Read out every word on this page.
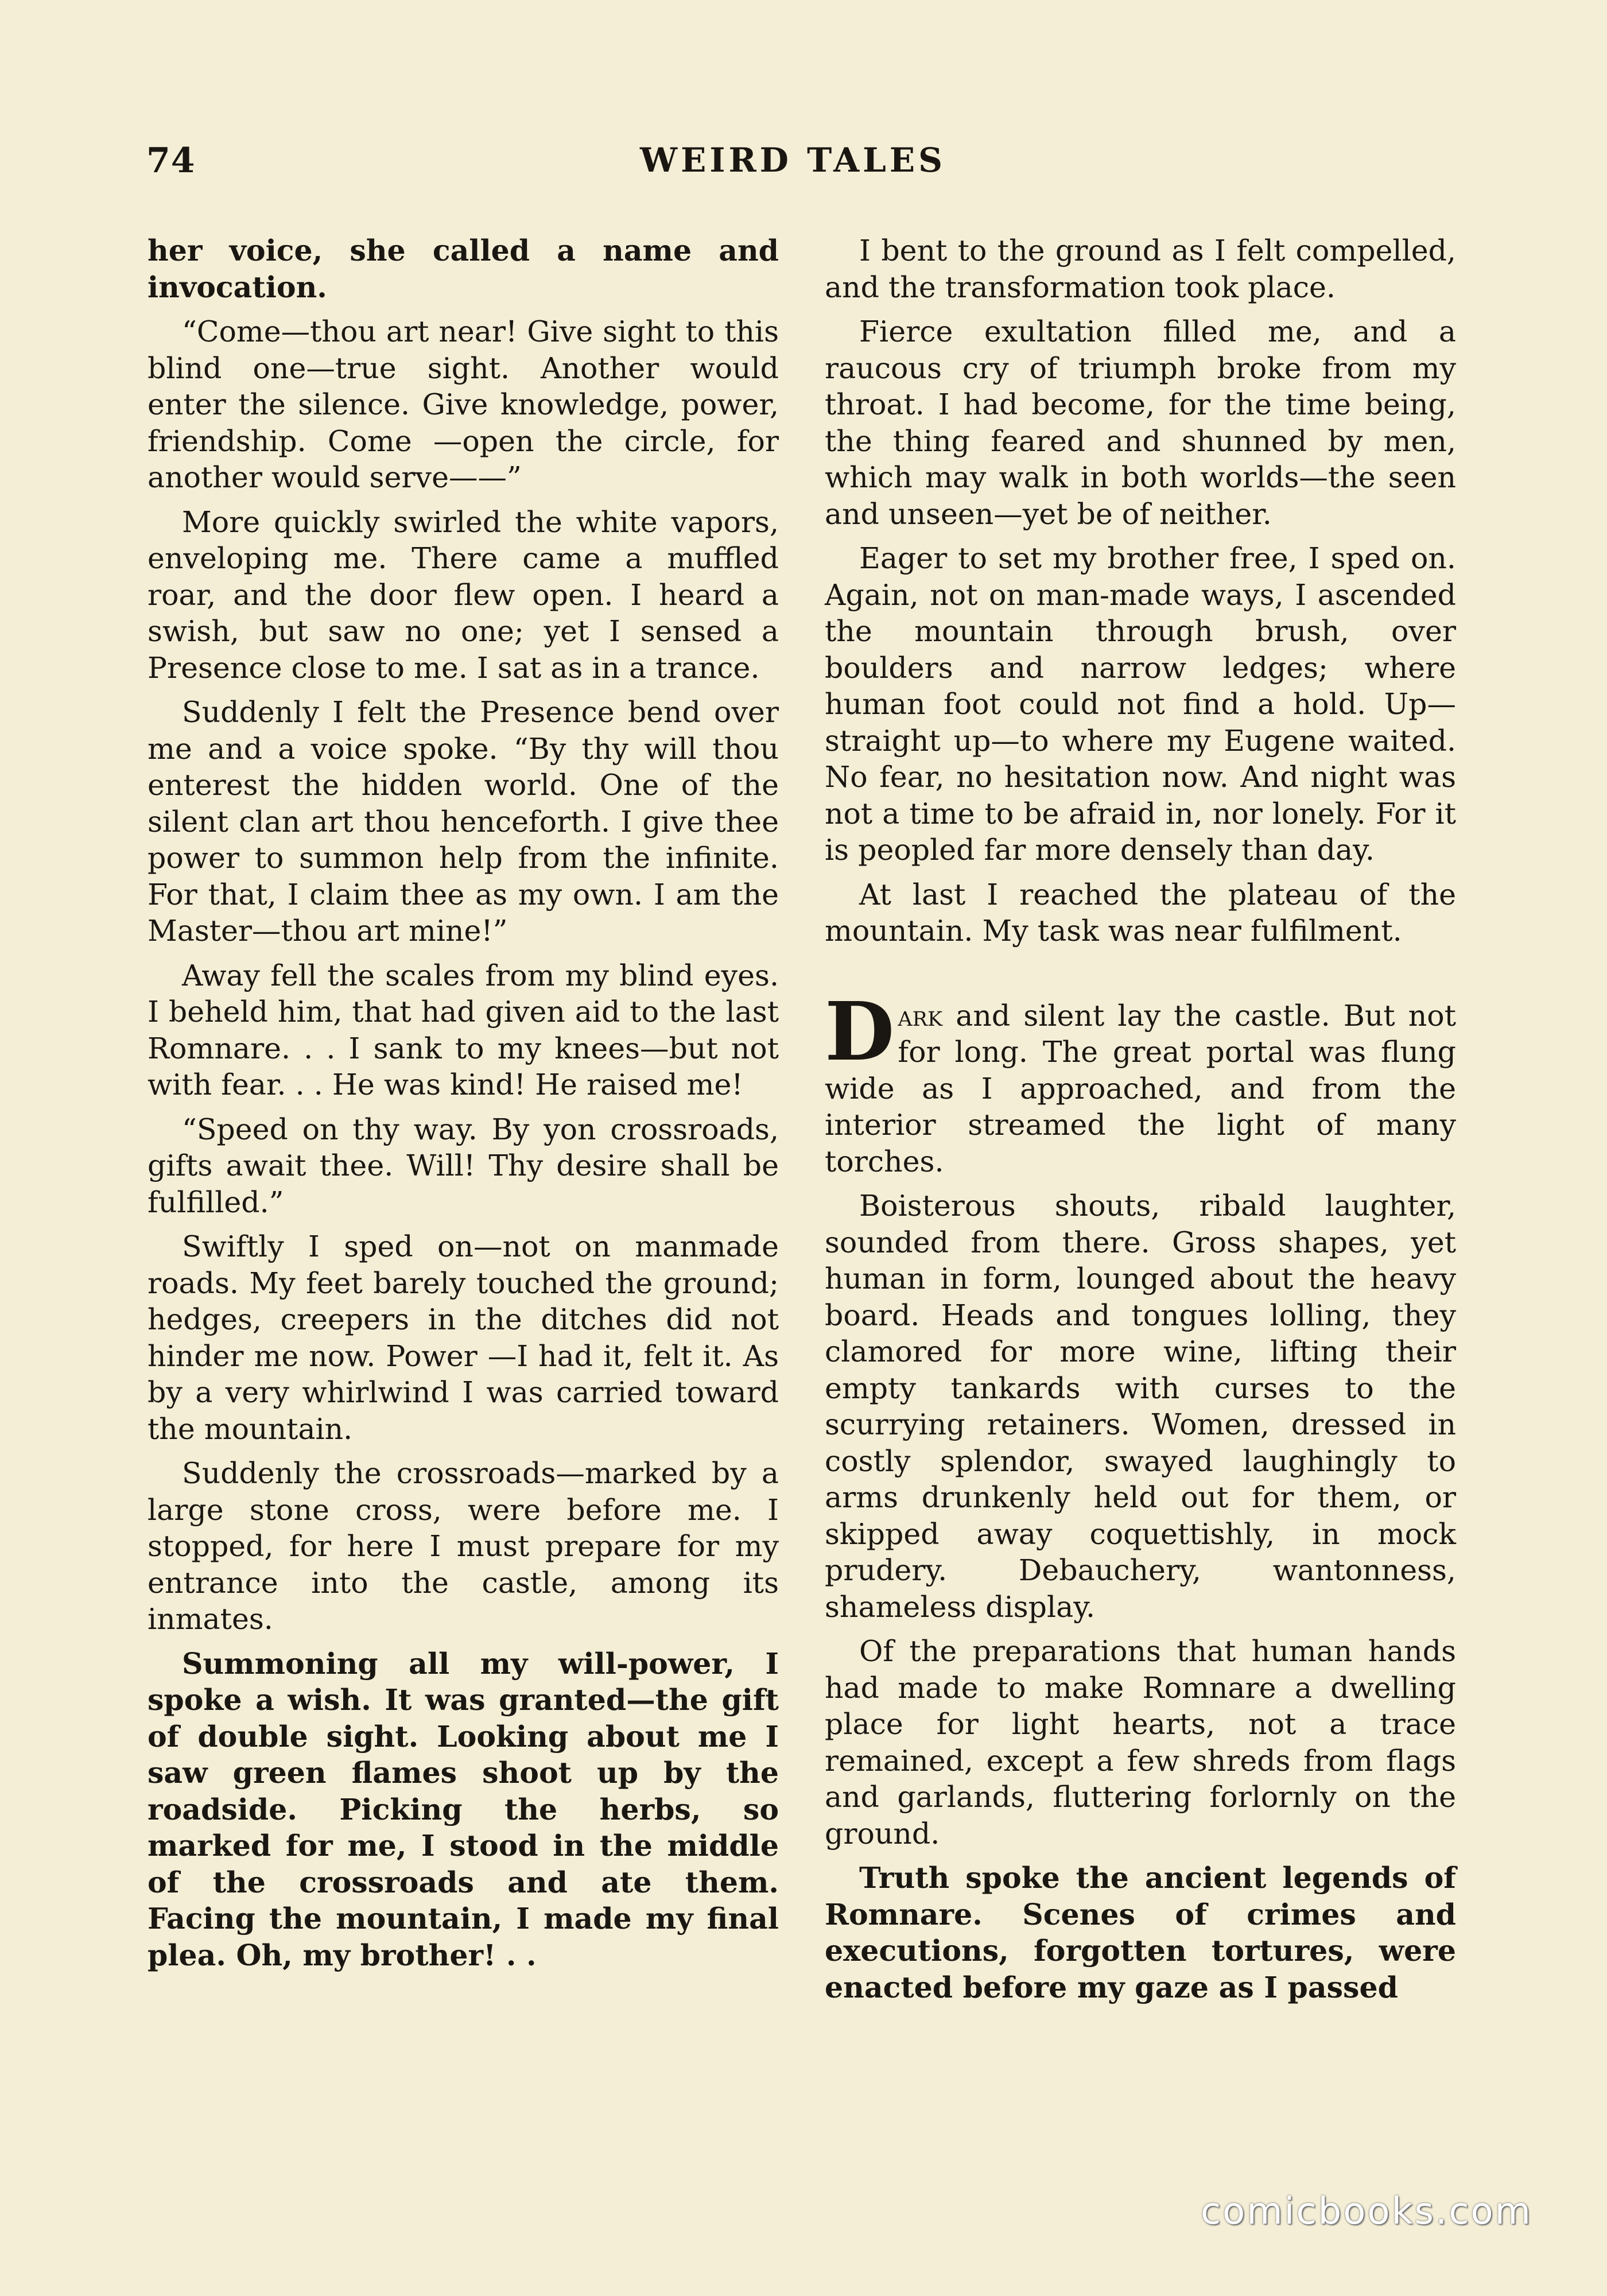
74	WEIRD TALES

her voice, she called a name and invocation.

“Come—thou art near! Give sight to this blind one—true sight. Another would enter the silence. Give knowledge, power, friendship. Come —open the circle, for another would serve——”

More quickly swirled the white vapors, enveloping me. There came a muffled roar, and the door flew open. I heard a swish, but saw no one; yet I sensed a Presence close to me. I sat as in a trance.

Suddenly I felt the Presence bend over me and a voice spoke. “By thy will thou enterest the hidden world. One of the silent clan art thou henceforth. I give thee power to summon help from the infinite. For that, I claim thee as my own. I am the Master—thou art mine!”

Away fell the scales from my blind eyes. I beheld him, that had given aid to the last Romnare. . . I sank to my knees—but not with fear. . . He was kind! He raised me!

“Speed on thy way. By yon crossroads, gifts await thee. Will! Thy desire shall be fulfilled.”

Swiftly I sped on—not on manmade roads. My feet barely touched the ground; hedges, creepers in the ditches did not hinder me now. Power —I had it, felt it. As by a very whirlwind I was carried toward the mountain.

Suddenly the crossroads—marked by a large stone cross, were before me. I stopped, for here I must prepare for my entrance into the castle, among its inmates.

Summoning all my will-power, I spoke a wish. It was granted—the gift of double sight. Looking about me I saw green flames shoot up by the roadside. Picking the herbs, so marked for me, I stood in the middle of the crossroads and ate them. Facing the mountain, I made my final plea. Oh, my brother! . .

I bent to the ground as I felt compelled, and the transformation took place.

Fierce exultation filled me, and a raucous cry of triumph broke from my throat. I had become, for the time being, the thing feared and shunned by men, which may walk in both worlds—the seen and unseen—yet be of neither.

Eager to set my brother free, I sped on. Again, not on man-made ways, I ascended the mountain through brush, over boulders and narrow ledges; where human foot could not find a hold. Up—straight up—to where my Eugene waited. No fear, no hesitation now. And night was not a time to be afraid in, nor lonely. For it is peopled far more densely than day.

At last I reached the plateau of the mountain. My task was near fulfilment.

Dark and silent lay the castle. But not for long. The great portal was flung wide as I approached, and from the interior streamed the light of many torches.

Boisterous shouts, ribald laughter, sounded from there. Gross shapes, yet human in form, lounged about the heavy board. Heads and tongues lolling, they clamored for more wine, lifting their empty tankards with curses to the scurrying retainers. Women, dressed in costly splendor, swayed laughingly to arms drunkenly held out for them, or skipped away coquettishly, in mock prudery. Debauchery, wantonness, shameless display.

Of the preparations that human hands had made to make Romnare a dwelling place for light hearts, not a trace remained, except a few shreds from flags and garlands, fluttering forlornly on the ground.

Truth spoke the ancient legends of Romnare. Scenes of crimes and executions, forgotten tortures, were enacted before my gaze as I passed

comicbooks.com
